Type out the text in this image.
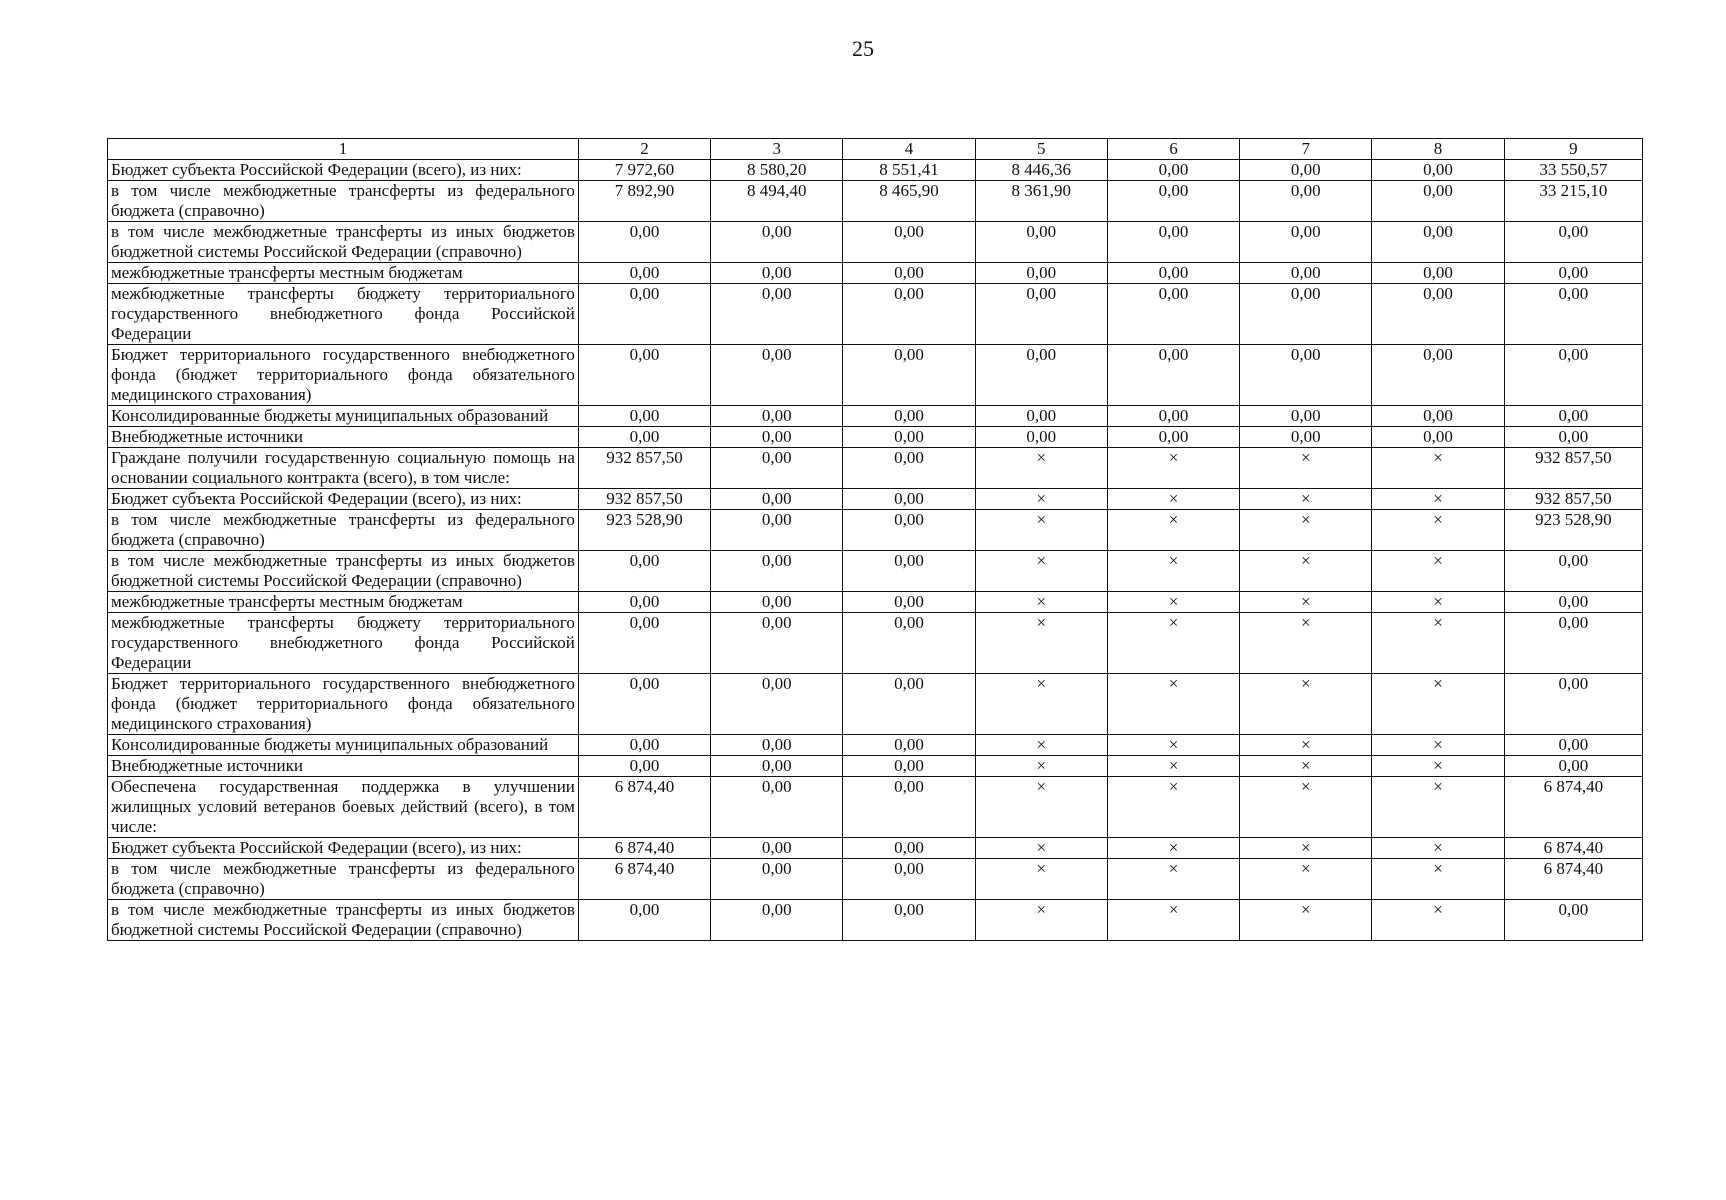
25
1	2	3	4	5	6	7	8	9
Бюджет субъекта Российской Федерации (всего), из них:	7 972,60	8 580,20	8 551,41	8 446,36	0,00	0,00	0,00	33 550,57
в том числе межбюджетные трансферты из федерального бюджета (справочно)	7 892,90	8 494,40	8 465,90	8 361,90	0,00	0,00	0,00	33 215,10
в том числе межбюджетные трансферты из иных бюджетов бюджетной системы Российской Федерации (справочно)	0,00	0,00	0,00	0,00	0,00	0,00	0,00	0,00
межбюджетные трансферты местным бюджетам	0,00	0,00	0,00	0,00	0,00	0,00	0,00	0,00
межбюджетные трансферты бюджету территориального государственного внебюджетного фонда Российской Федерации	0,00	0,00	0,00	0,00	0,00	0,00	0,00	0,00
Бюджет территориального государственного внебюджетного фонда (бюджет территориального фонда обязательного медицинского страхования)	0,00	0,00	0,00	0,00	0,00	0,00	0,00	0,00
Консолидированные бюджеты муниципальных образований	0,00	0,00	0,00	0,00	0,00	0,00	0,00	0,00
Внебюджетные источники	0,00	0,00	0,00	0,00	0,00	0,00	0,00	0,00
Граждане получили государственную социальную помощь на основании социального контракта (всего), в том числе:	932 857,50	0,00	0,00	×	×	×	×	932 857,50
Бюджет субъекта Российской Федерации (всего), из них:	932 857,50	0,00	0,00	×	×	×	×	932 857,50
в том числе межбюджетные трансферты из федерального бюджета (справочно)	923 528,90	0,00	0,00	×	×	×	×	923 528,90
в том числе межбюджетные трансферты из иных бюджетов бюджетной системы Российской Федерации (справочно)	0,00	0,00	0,00	×	×	×	×	0,00
межбюджетные трансферты местным бюджетам	0,00	0,00	0,00	×	×	×	×	0,00
межбюджетные трансферты бюджету территориального государственного внебюджетного фонда Российской Федерации	0,00	0,00	0,00	×	×	×	×	0,00
Бюджет территориального государственного внебюджетного фонда (бюджет территориального фонда обязательного медицинского страхования)	0,00	0,00	0,00	×	×	×	×	0,00
Консолидированные бюджеты муниципальных образований	0,00	0,00	0,00	×	×	×	×	0,00
Внебюджетные источники	0,00	0,00	0,00	×	×	×	×	0,00
Обеспечена государственная поддержка в улучшении жилищных условий ветеранов боевых действий (всего), в том числе:	6 874,40	0,00	0,00	×	×	×	×	6 874,40
Бюджет субъекта Российской Федерации (всего), из них:	6 874,40	0,00	0,00	×	×	×	×	6 874,40
в том числе межбюджетные трансферты из федерального бюджета (справочно)	6 874,40	0,00	0,00	×	×	×	×	6 874,40
в том числе межбюджетные трансферты из иных бюджетов бюджетной системы Российской Федерации (справочно)	0,00	0,00	0,00	×	×	×	×	0,00
